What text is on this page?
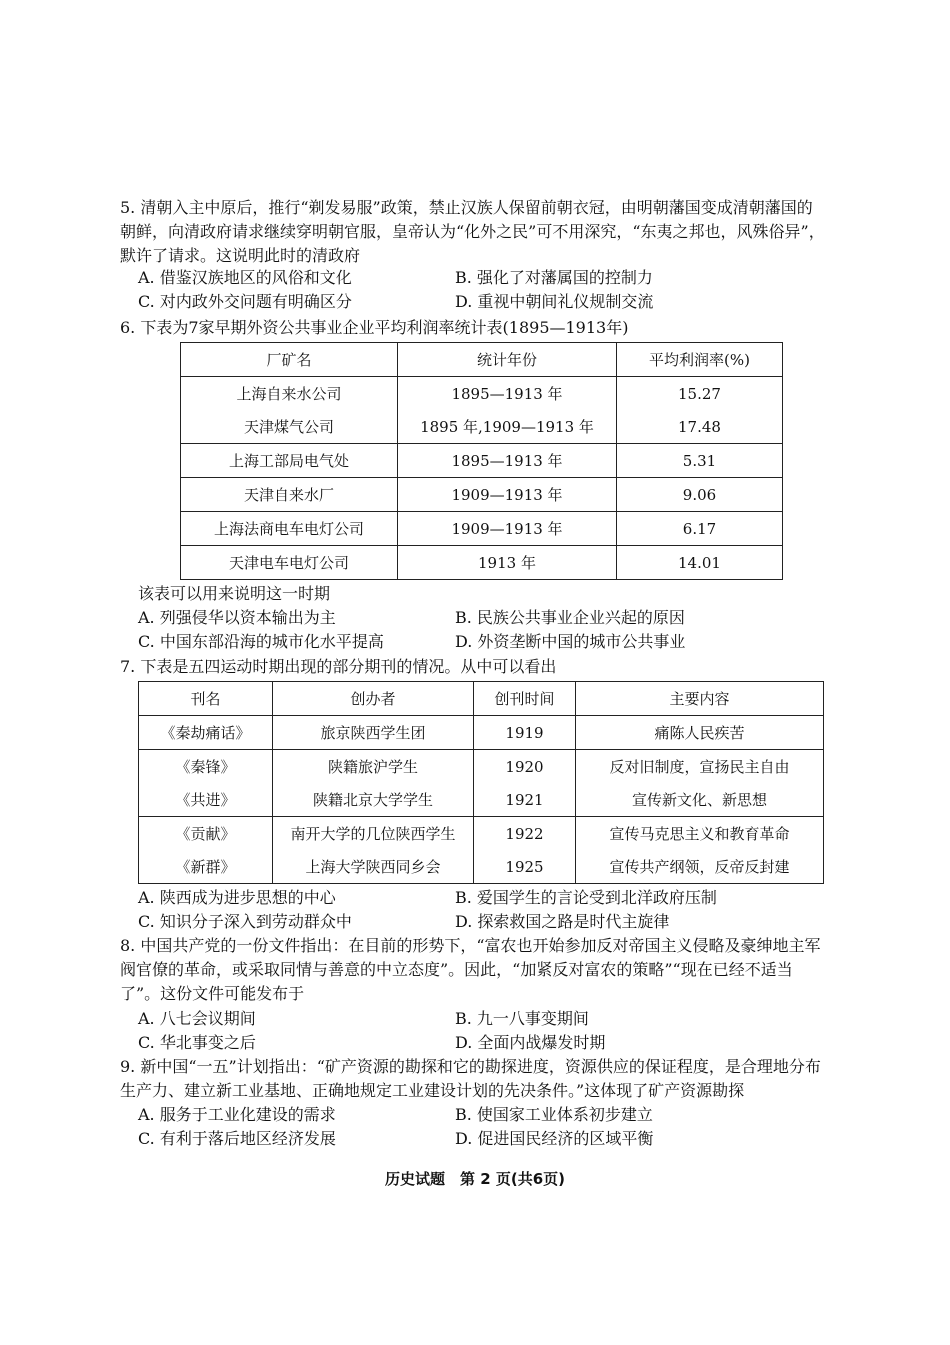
5. 清朝入主中原后，推行“剃发易服”政策，禁止汉族人保留前朝衣冠，由明朝藩国变成清朝藩国的朝鲜，向清政府请求继续穿明朝官服，皇帝认为“化外之民”可不用深究，“东夷之邦也，风殊俗异”，默许了请求。这说明此时的清政府
A. 借鉴汉族地区的风俗和文化	B. 强化了对藩属国的控制力
C. 对内政外交问题有明确区分	D. 重视中朝间礼仪规制交流
6. 下表为7家早期外资公共事业企业平均利润率统计表(1895—1913年)
厂矿名	统计年份	平均利润率(%)
上海自来水公司	1895—1913 年	15.27
天津煤气公司	1895 年,1909—1913 年	17.48
上海工部局电气处	1895—1913 年	5.31
天津自来水厂	1909—1913 年	9.06
上海法商电车电灯公司	1909—1913 年	6.17
天津电车电灯公司	1913 年	14.01
该表可以用来说明这一时期
A. 列强侵华以资本输出为主	B. 民族公共事业企业兴起的原因
C. 中国东部沿海的城市化水平提高	D. 外资垄断中国的城市公共事业
7. 下表是五四运动时期出现的部分期刊的情况。从中可以看出
刊名	创办者	创刊时间	主要内容
《秦劫痛话》	旅京陕西学生团	1919	痛陈人民疾苦
《秦锋》	陕籍旅沪学生	1920	反对旧制度，宣扬民主自由
《共进》	陕籍北京大学学生	1921	宣传新文化、新思想
《贡献》	南开大学的几位陕西学生	1922	宣传马克思主义和教育革命
《新群》	上海大学陕西同乡会	1925	宣传共产纲领，反帝反封建
A. 陕西成为进步思想的中心	B. 爱国学生的言论受到北洋政府压制
C. 知识分子深入到劳动群众中	D. 探索救国之路是时代主旋律
8. 中国共产党的一份文件指出：在目前的形势下，“富农也开始参加反对帝国主义侵略及豪绅地主军阀官僚的革命，或采取同情与善意的中立态度”。因此，“加紧反对富农的策略”“现在已经不适当了”。这份文件可能发布于
A. 八七会议期间	B. 九一八事变期间
C. 华北事变之后	D. 全面内战爆发时期
9. 新中国“一五”计划指出：“矿产资源的勘探和它的勘探进度，资源供应的保证程度，是合理地分布生产力、建立新工业基地、正确地规定工业建设计划的先决条件。”这体现了矿产资源勘探
A. 服务于工业化建设的需求	B. 使国家工业体系初步建立
C. 有利于落后地区经济发展	D. 促进国民经济的区域平衡
历史试题　第 2 页(共6页)
